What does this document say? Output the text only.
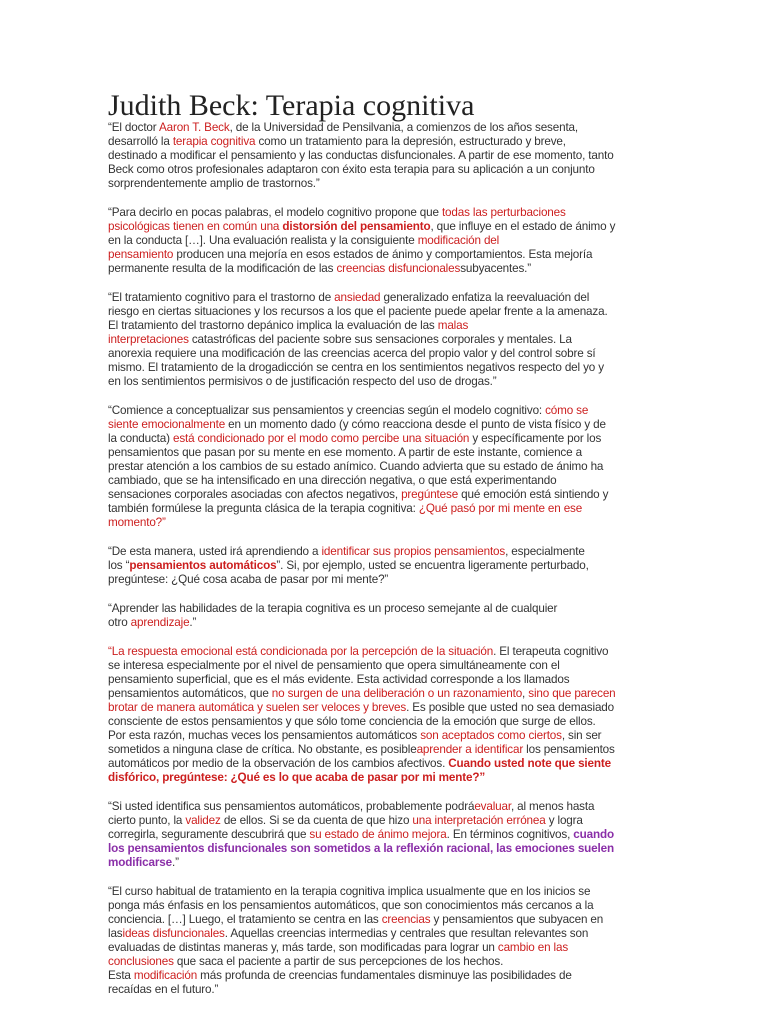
Judith Beck: Terapia cognitiva

“El doctor Aaron T. Beck, de la Universidad de Pensilvania, a comienzos de los años sesenta,
desarrolló la terapia cognitiva como un tratamiento para la depresión, estructurado y breve,
destinado a modificar el pensamiento y las conductas disfuncionales. A partir de ese momento, tanto
Beck como otros profesionales adaptaron con éxito esta terapia para su aplicación a un conjunto
sorprendentemente amplio de trastornos.”

“Para decirlo en pocas palabras, el modelo cognitivo propone que todas las perturbaciones
psicológicas tienen en común una distorsión del pensamiento, que influye en el estado de ánimo y
en la conducta […]. Una evaluación realista y la consiguiente modificación del
pensamiento producen una mejoría en esos estados de ánimo y comportamientos. Esta mejoría
permanente resulta de la modificación de las creencias disfuncionalessubyacentes.”

“El tratamiento cognitivo para el trastorno de ansiedad generalizado enfatiza la reevaluación del
riesgo en ciertas situaciones y los recursos a los que el paciente puede apelar frente a la amenaza.
El tratamiento del trastorno depánico implica la evaluación de las malas
interpretaciones catastróficas del paciente sobre sus sensaciones corporales y mentales. La
anorexia requiere una modificación de las creencias acerca del propio valor y del control sobre sí
mismo. El tratamiento de la drogadicción se centra en los sentimientos negativos respecto del yo y
en los sentimientos permisivos o de justificación respecto del uso de drogas.”

“Comience a conceptualizar sus pensamientos y creencias según el modelo cognitivo: cómo se
siente emocionalmente en un momento dado (y cómo reacciona desde el punto de vista físico y de
la conducta) está condicionado por el modo como percibe una situación y específicamente por los
pensamientos que pasan por su mente en ese momento. A partir de este instante, comience a
prestar atención a los cambios de su estado anímico. Cuando advierta que su estado de ánimo ha
cambiado, que se ha intensificado en una dirección negativa, o que está experimentando
sensaciones corporales asociadas con afectos negativos, pregúntese qué emoción está sintiendo y
también formúlese la pregunta clásica de la terapia cognitiva: ¿Qué pasó por mi mente en ese
momento?”

“De esta manera, usted irá aprendiendo a identificar sus propios pensamientos, especialmente
los “pensamientos automáticos”. Si, por ejemplo, usted se encuentra ligeramente perturbado,
pregúntese: ¿Qué cosa acaba de pasar por mi mente?”

“Aprender las habilidades de la terapia cognitiva es un proceso semejante al de cualquier
otro aprendizaje.”

“La respuesta emocional está condicionada por la percepción de la situación. El terapeuta cognitivo
se interesa especialmente por el nivel de pensamiento que opera simultáneamente con el
pensamiento superficial, que es el más evidente. Esta actividad corresponde a los llamados
pensamientos automáticos, que no surgen de una deliberación o un razonamiento, sino que parecen
brotar de manera automática y suelen ser veloces y breves. Es posible que usted no sea demasiado
consciente de estos pensamientos y que sólo tome conciencia de la emoción que surge de ellos.
Por esta razón, muchas veces los pensamientos automáticos son aceptados como ciertos, sin ser
sometidos a ninguna clase de crítica. No obstante, es posibleaprender a identificar los pensamientos
automáticos por medio de la observación de los cambios afectivos. Cuando usted note que siente
disfórico, pregúntese: ¿Qué es lo que acaba de pasar por mi mente?”

“Si usted identifica sus pensamientos automáticos, probablemente podráevaluar, al menos hasta
cierto punto, la validez de ellos. Si se da cuenta de que hizo una interpretación errónea y logra
corregirla, seguramente descubrirá que su estado de ánimo mejora. En términos cognitivos, cuando
los pensamientos disfuncionales son sometidos a la reflexión racional, las emociones suelen
modificarse.”

“El curso habitual de tratamiento en la terapia cognitiva implica usualmente que en los inicios se
ponga más énfasis en los pensamientos automáticos, que son conocimientos más cercanos a la
conciencia. […] Luego, el tratamiento se centra en las creencias y pensamientos que subyacen en
lasideas disfuncionales. Aquellas creencias intermedias y centrales que resultan relevantes son
evaluadas de distintas maneras y, más tarde, son modificadas para lograr un cambio en las
conclusiones que saca el paciente a partir de sus percepciones de los hechos.
Esta modificación más profunda de creencias fundamentales disminuye las posibilidades de
recaídas en el futuro.”
